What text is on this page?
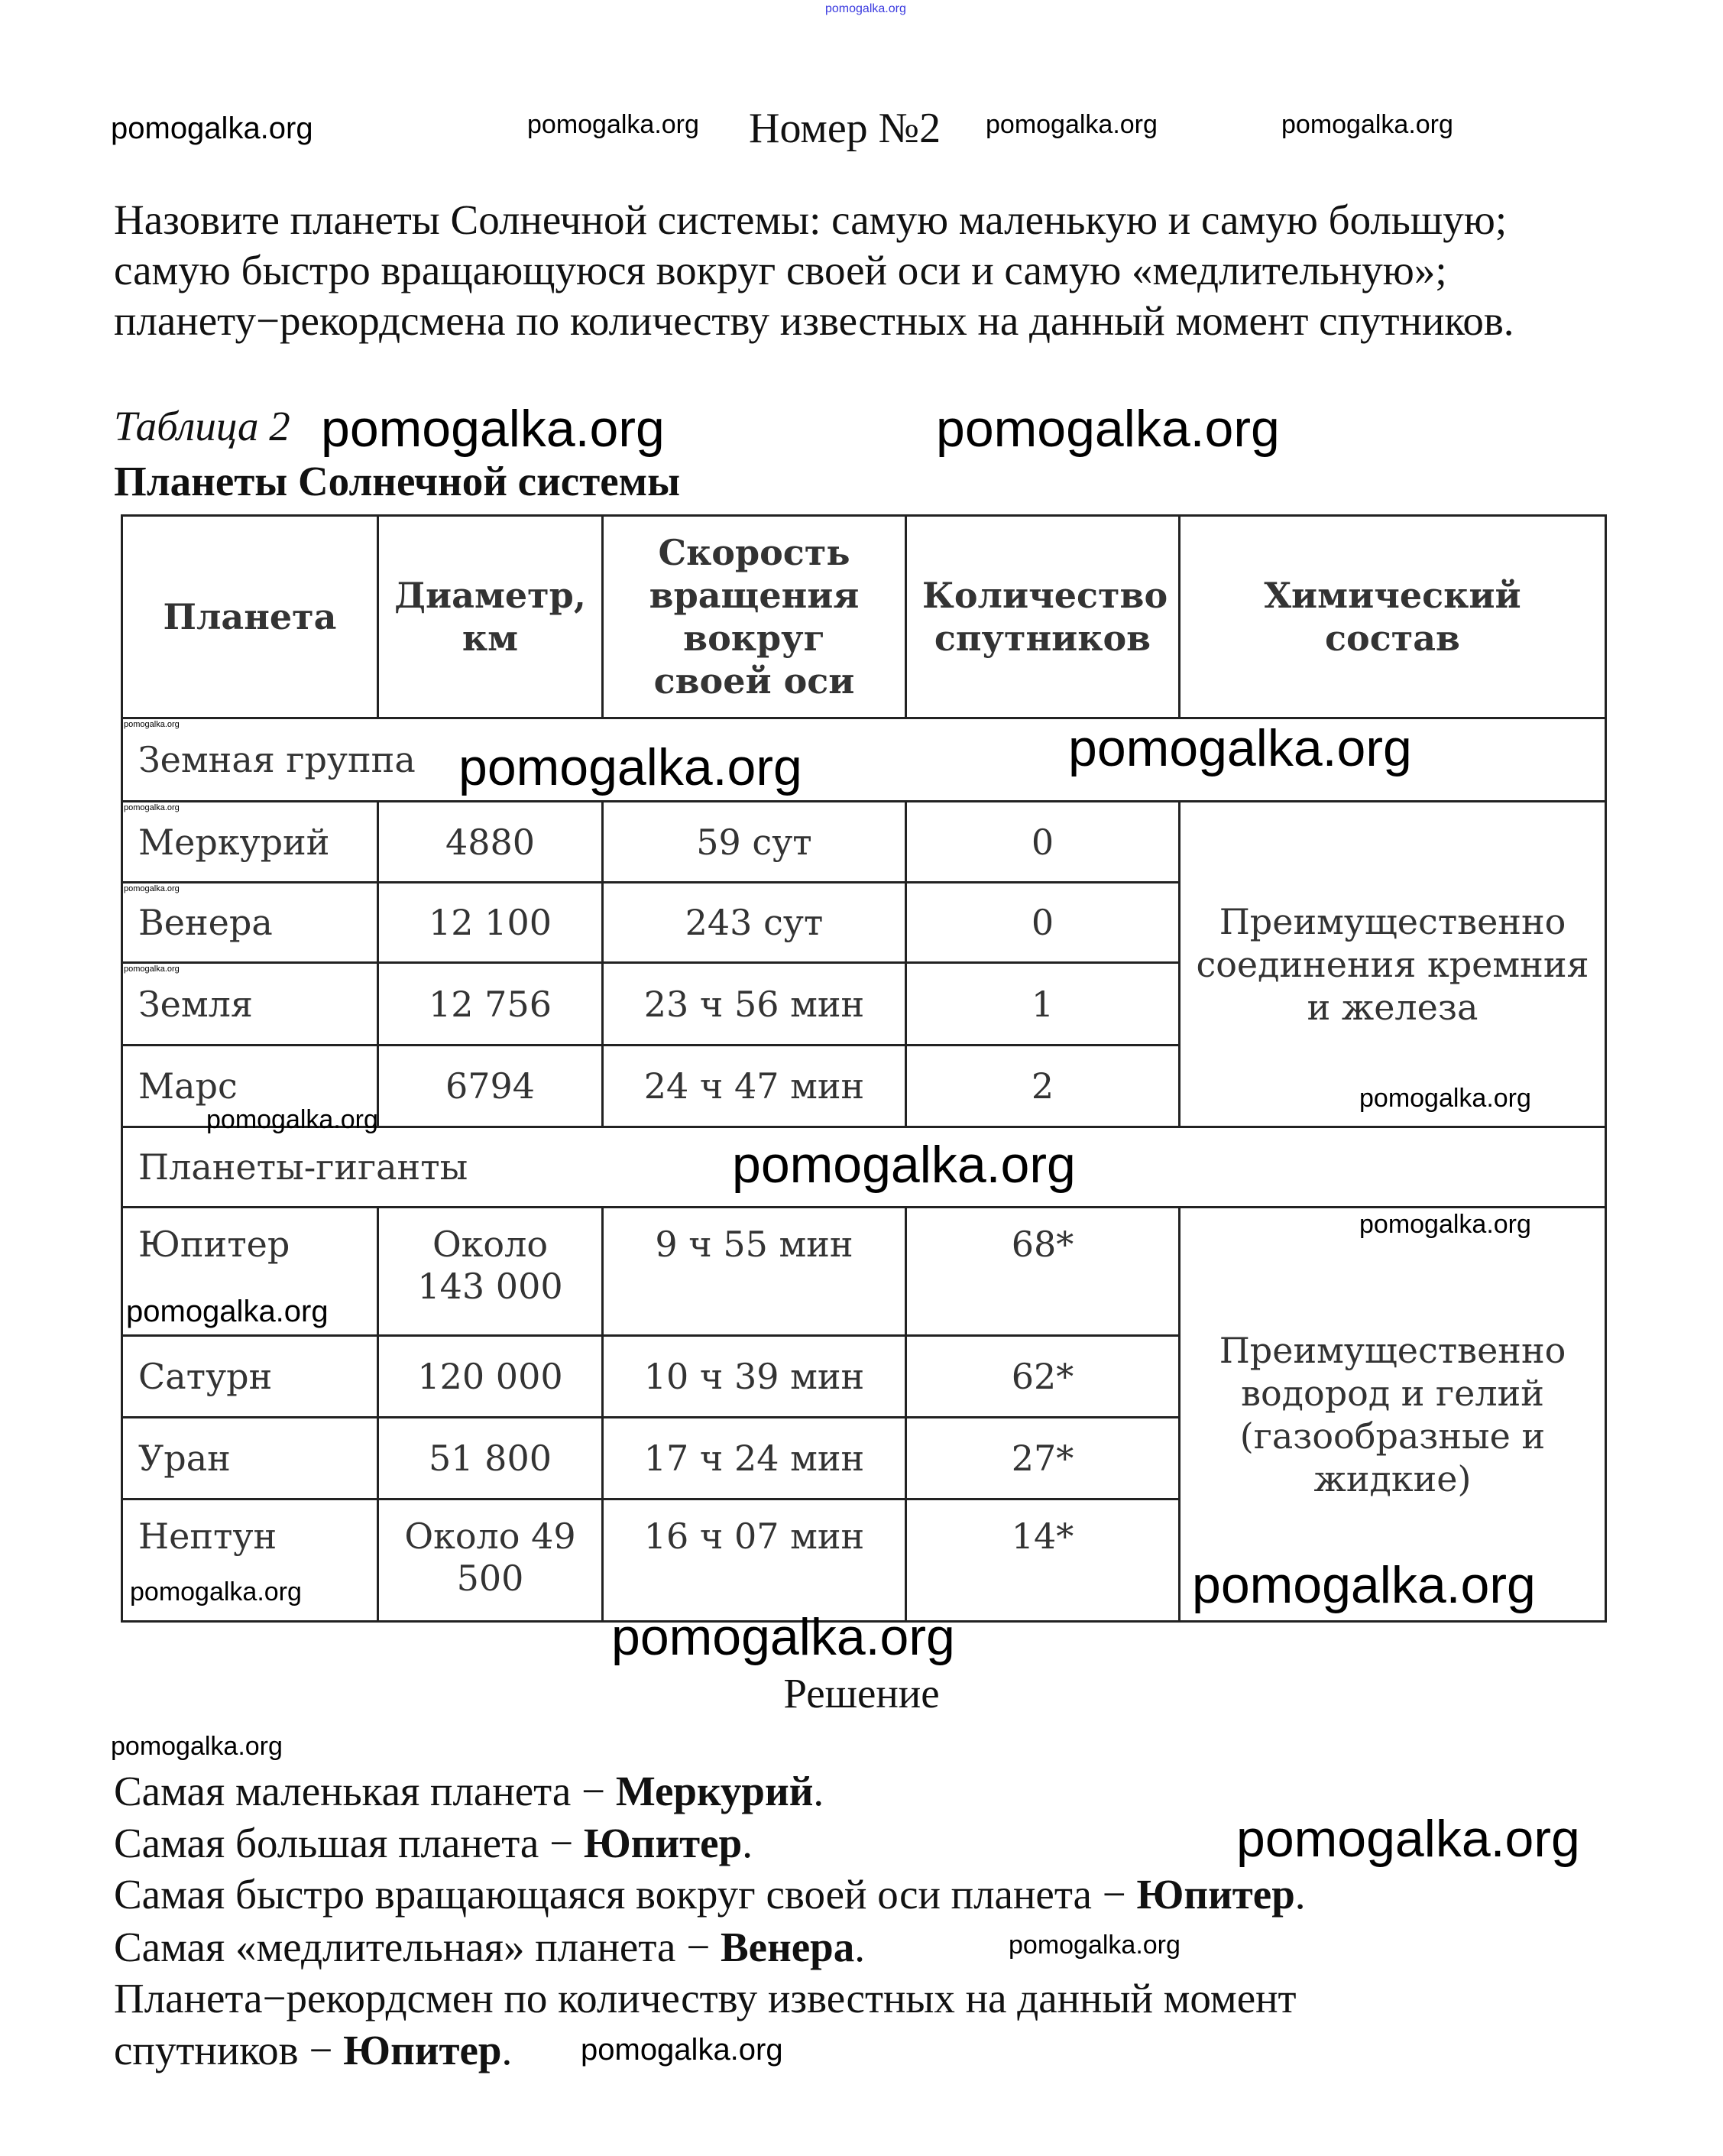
pomogalka.org
pomogalka.org	pomogalka.org Номер №2 pomogalka.org	pomogalka.org
Назовите планеты Солнечной системы: самую маленькую и самую большую; самую быстро вращающуюся вокруг своей оси и самую «медлительную»; планету−рекордсмена по количеству известных на данный момент спутников.
Таблица 2 pomogalka.org	pomogalka.org
Планеты Солнечной системы
Планета	Диаметр, км	Скорость вращения вокруг своей оси	Количество спутников	Химический состав
Земная группа				
Меркурий	4880	59 сут	0	Преимущественно соединения кремния и железа
Венера	12 100	243 сут	0	
Земля	12 756	23 ч 56 мин	1	
Марс	6794	24 ч 47 мин	2	
Планеты-гиганты				
Юпитер	Около 143 000	9 ч 55 мин	68*	Преимущественно водород и гелий (газообразные и жидкие)
Сатурн	120 000	10 ч 39 мин	62*	
Уран	51 800	17 ч 24 мин	27*	
Нептун	Около 49 500	16 ч 07 мин	14*	
pomogalka.org
pomogalka.org
pomogalka.org
pomogalka.org
pomogalka.org	pomogalka.org
pomogalka.org
pomogalka.org
pomogalka.org
pomogalka.org
pomogalka.org
pomogalka.org
pomogalka.org
pomogalka.org
Решение
pomogalka.org
Самая маленькая планета − Меркурий.
Самая большая планета − Юпитер.	pomogalka.org
Самая быстро вращающаяся вокруг своей оси планета − Юпитер.
pomogalka.org
Самая «медлительная» планета − Венера.
Планета−рекордсмен по количеству известных на данный момент
спутников − Юпитер. pomogalka.org
